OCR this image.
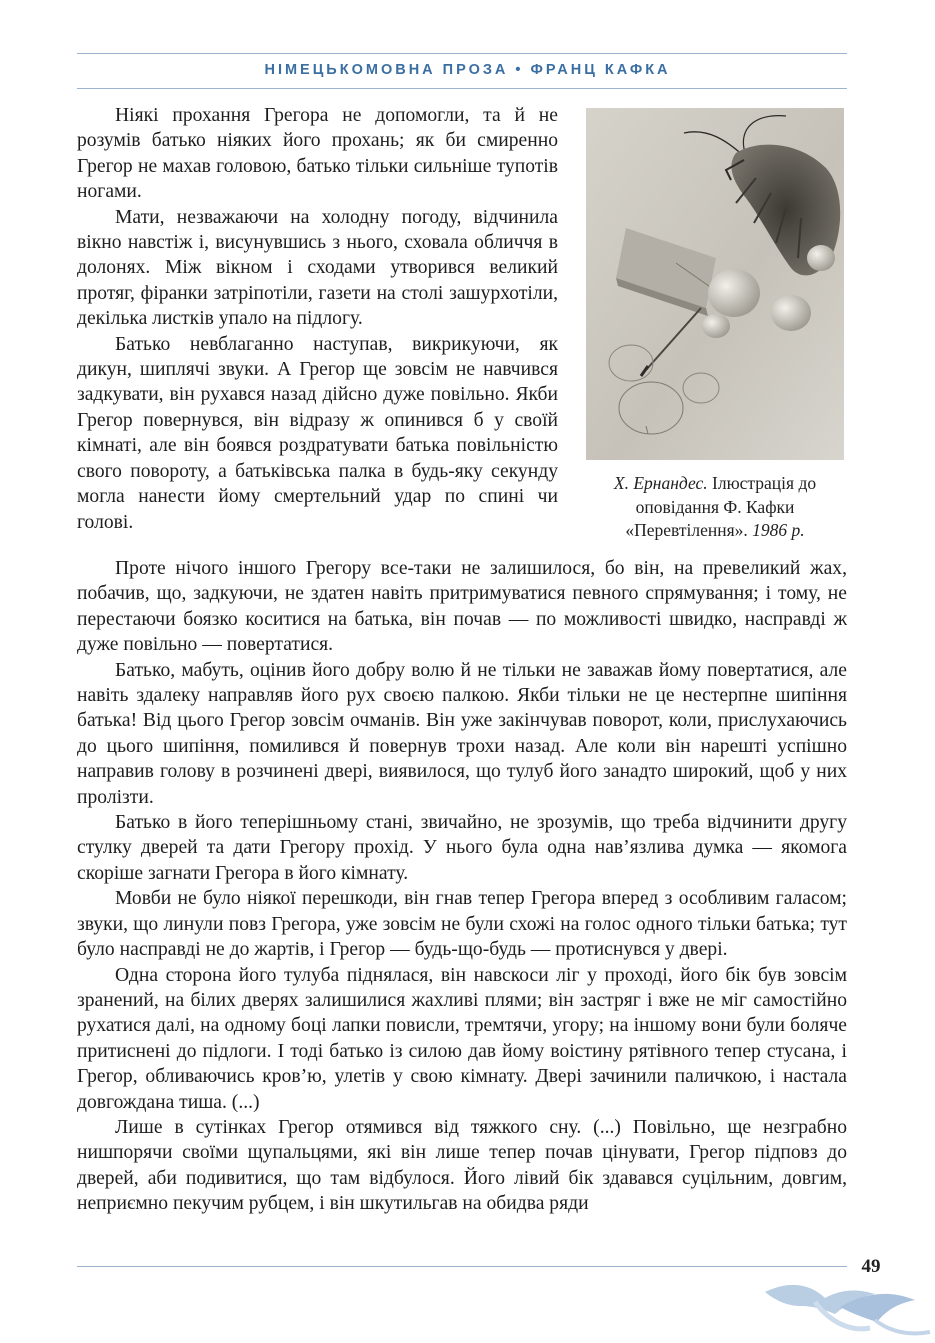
НІМЕЦЬКОМОВНА ПРОЗА • ФРАНЦ КАФКА

Ніякі прохання Грегора не допомогли, та й не розумів батько ніяких його прохань; як би смиренно Грегор не махав головою, батько тільки сильніше тупотів ногами.

Мати, незважаючи на холодну погоду, відчинила вікно навстіж і, висунувшись з нього, сховала обличчя в долонях. Між вікном і сходами утворився великий протяг, фіранки затріпотіли, газети на столі зашурхотіли, декілька листків упало на підлогу.

Батько невблаганно наступав, викрикуючи, як дикун, шиплячі звуки. А Грегор ще зовсім не навчився задкувати, він рухався назад дійсно дуже повільно. Якби Грегор повернувся, він відразу ж опинився б у своїй кімнаті, але він боявся роздратувати батька повільністю свого повороту, а батьківська палка в будь-яку секунду могла нанести йому смертельний удар по спині чи голові.

Х. Ернандес. Ілюстрація до оповідання Ф. Кафки «Перевтілення». 1986 р.

Проте нічого іншого Грегору все-таки не залишилося, бо він, на превеликий жах, побачив, що, задкуючи, не здатен навіть притримуватися певного спрямування; і тому, не перестаючи боязко коситися на батька, він почав — по можливості швидко, насправді ж дуже повільно — повертатися.

Батько, мабуть, оцінив його добру волю й не тільки не заважав йому повертатися, але навіть здалеку направляв його рух своєю палкою. Якби тільки не це нестерпне шипіння батька! Від цього Грегор зовсім очманів. Він уже закінчував поворот, коли, прислухаючись до цього шипіння, помилився й повернув трохи назад. Але коли він нарешті успішно направив голову в розчинені двері, виявилося, що тулуб його занадто широкий, щоб у них пролізти.

Батько в його теперішньому стані, звичайно, не зрозумів, що треба відчинити другу стулку дверей та дати Грегору прохід. У нього була одна нав’язлива думка — якомога скоріше загнати Грегора в його кімнату.

Мовби не було ніякої перешкоди, він гнав тепер Грегора вперед з особливим галасом; звуки, що линули повз Грегора, уже зовсім не були схожі на голос одного тільки батька; тут було насправді не до жартів, і Грегор — будь-що-будь — протиснувся у двері.

Одна сторона його тулуба піднялася, він навскоси ліг у проході, його бік був зовсім зранений, на білих дверях залишилися жахливі плями; він застряг і вже не міг самостійно рухатися далі, на одному боці лапки повисли, тремтячи, угору; на іншому вони були боляче притиснені до підлоги. І тоді батько із силою дав йому воістину рятівного тепер стусана, і Грегор, обливаючись кров’ю, улетів у свою кімнату. Двері зачинили паличкою, і настала довгождана тиша. (...)

Лише в сутінках Грегор отямився від тяжкого сну. (...) Повільно, ще незграбно нишпорячи своїми щупальцями, які він лише тепер почав цінувати, Грегор підповз до дверей, аби подивитися, що там відбулося. Його лівий бік здавався суцільним, довгим, неприємно пекучим рубцем, і він шкутильгав на обидва ряди

49
